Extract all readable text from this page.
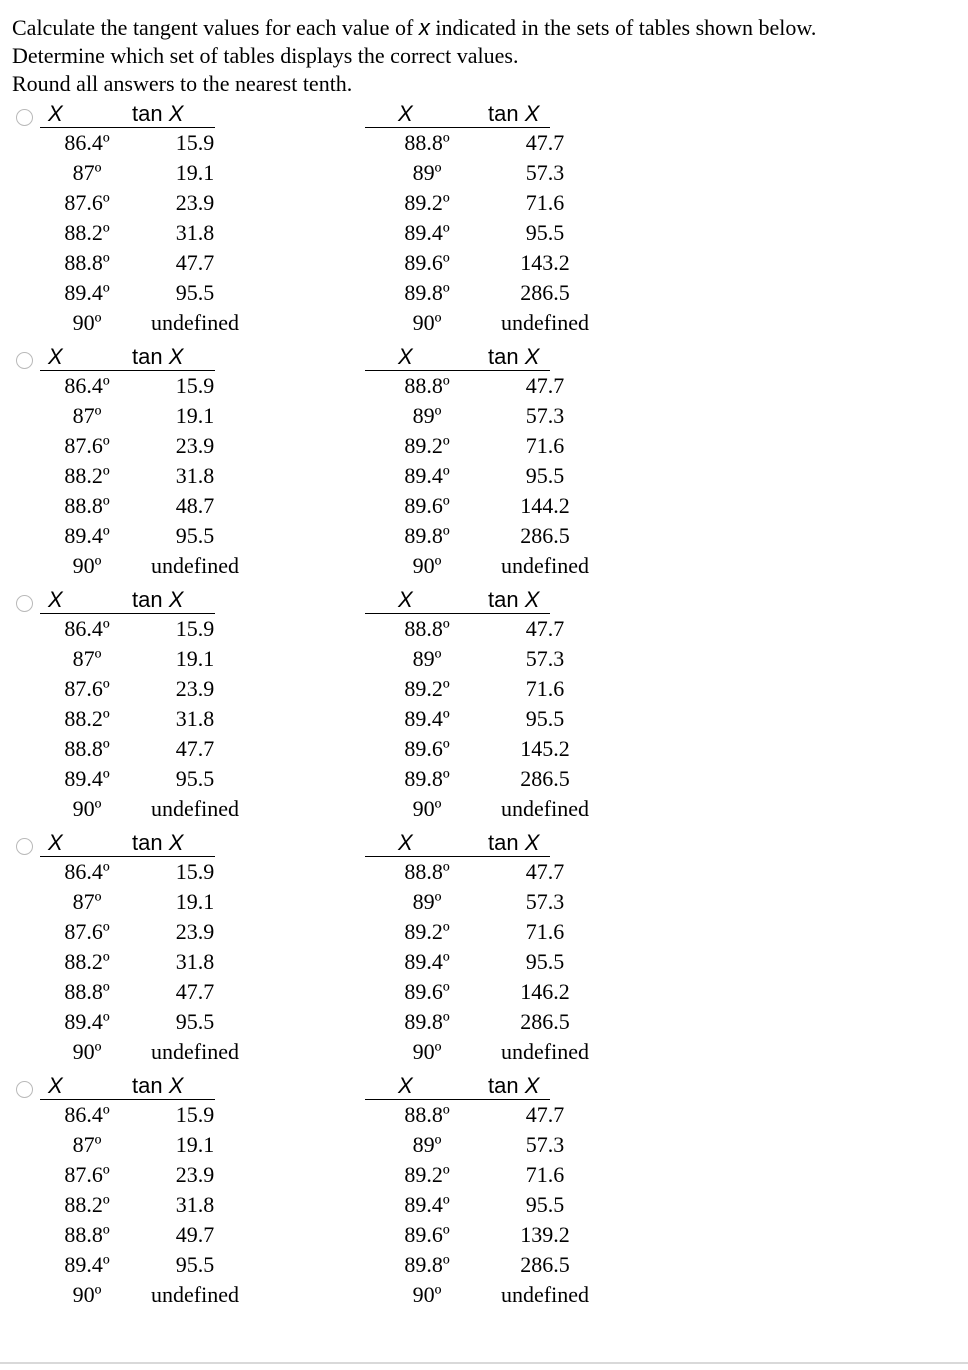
Calculate the tangent values for each value of x indicated in the sets of tables shown below.
Determine which set of tables displays the correct values.
Round all answers to the nearest tenth.
X	tan X	X	tan X
86.4º	15.9	88.8º	47.7
87º	19.1	89º	57.3
87.6º	23.9	89.2º	71.6
88.2º	31.8	89.4º	95.5
88.8º	47.7	89.6º	143.2
89.4º	95.5	89.8º	286.5
90º	undefined	90º	undefined
X	tan X	X	tan X
86.4º	15.9	88.8º	47.7
87º	19.1	89º	57.3
87.6º	23.9	89.2º	71.6
88.2º	31.8	89.4º	95.5
88.8º	48.7	89.6º	144.2
89.4º	95.5	89.8º	286.5
90º	undefined	90º	undefined
X	tan X	X	tan X
86.4º	15.9	88.8º	47.7
87º	19.1	89º	57.3
87.6º	23.9	89.2º	71.6
88.2º	31.8	89.4º	95.5
88.8º	47.7	89.6º	145.2
89.4º	95.5	89.8º	286.5
90º	undefined	90º	undefined
X	tan X	X	tan X
86.4º	15.9	88.8º	47.7
87º	19.1	89º	57.3
87.6º	23.9	89.2º	71.6
88.2º	31.8	89.4º	95.5
88.8º	47.7	89.6º	146.2
89.4º	95.5	89.8º	286.5
90º	undefined	90º	undefined
X	tan X	X	tan X
86.4º	15.9	88.8º	47.7
87º	19.1	89º	57.3
87.6º	23.9	89.2º	71.6
88.2º	31.8	89.4º	95.5
88.8º	49.7	89.6º	139.2
89.4º	95.5	89.8º	286.5
90º	undefined	90º	undefined
